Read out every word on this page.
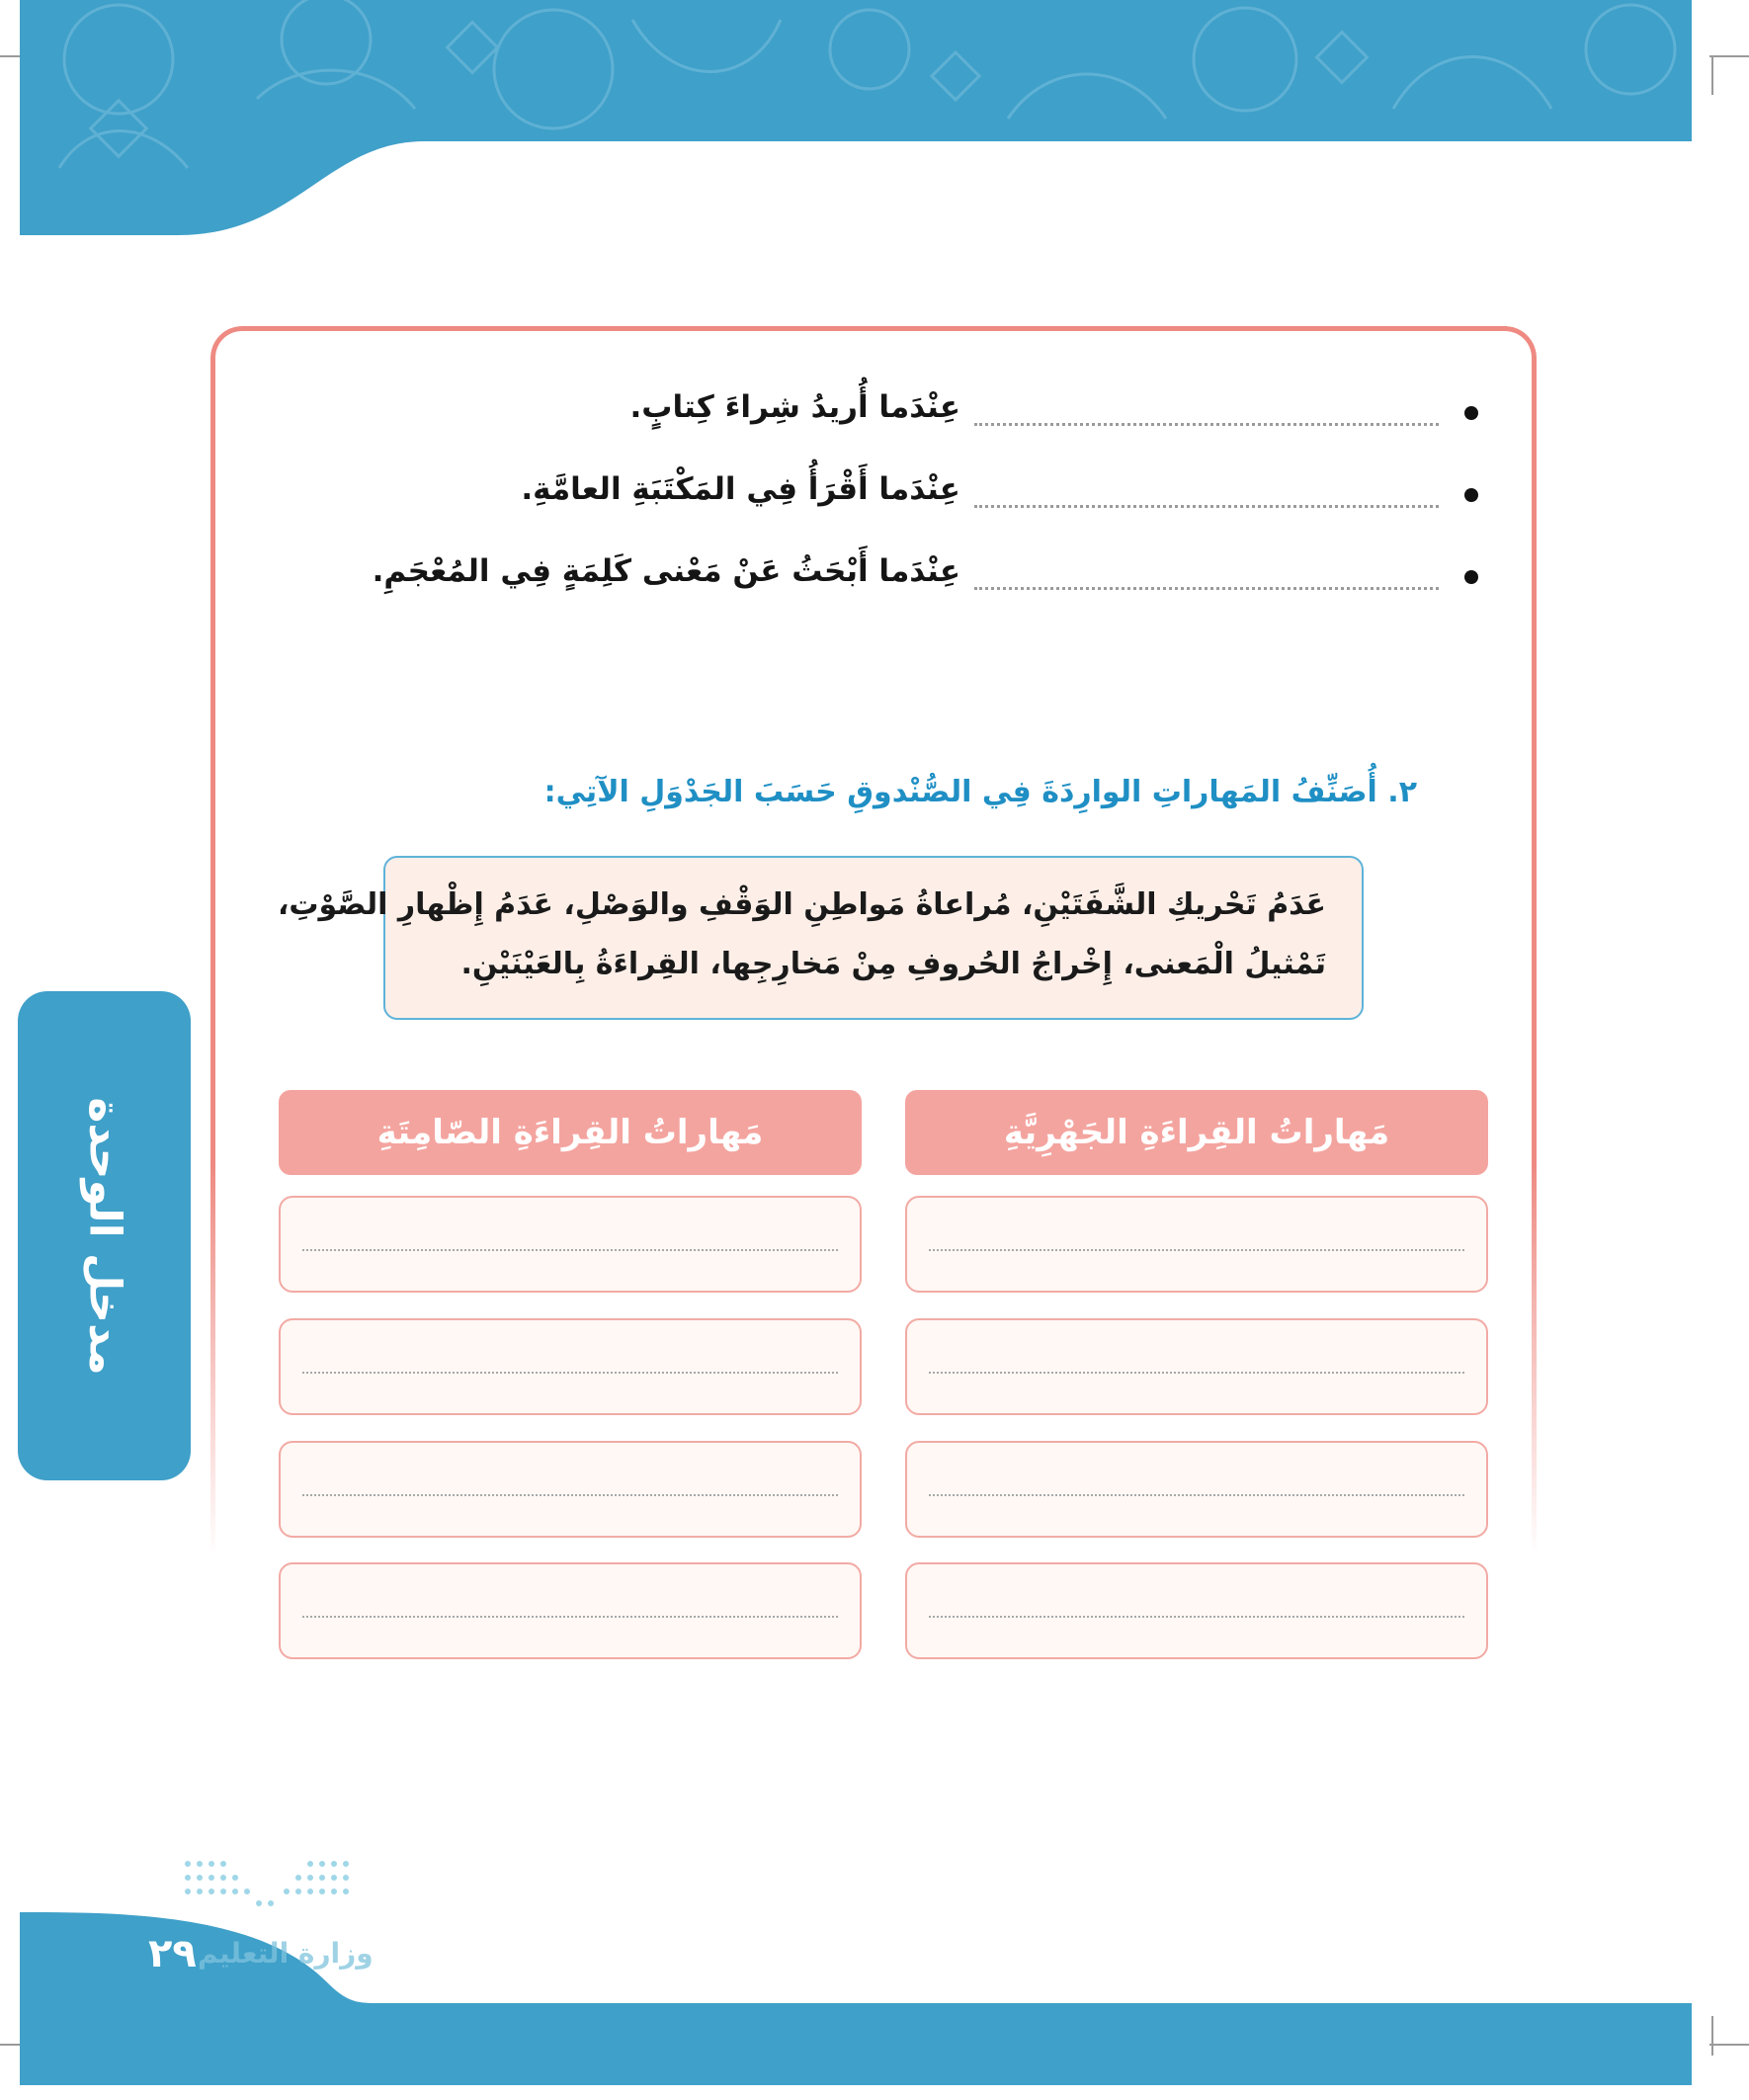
وزارة التعليم
٢٩
مدخل الوحدة
عِنْدَما أُريدُ شِراءَ كِتابٍ.
عِنْدَما أَقْرَأُ فِي المَكْتَبَةِ العامَّةِ.
عِنْدَما أَبْحَثُ عَنْ مَعْنى كَلِمَةٍ فِي المُعْجَمِ.
٢. أُصَنِّفُ المَهاراتِ الوارِدَةَ فِي الصُّنْدوقِ حَسَبَ الجَدْوَلِ الآتِي:
عَدَمُ تَحْريكِ الشَّفَتَيْنِ، مُراعاةُ مَواطِنِ الوَقْفِ والوَصْلِ، عَدَمُ إِظْهارِ الصَّوْتِ،
تَمْثيلُ الْمَعنى، إِخْراجُ الحُروفِ مِنْ مَخارِجِها، القِراءَةُ بِالعَيْنَيْنِ.
مَهاراتُ القِراءَةِ الجَهْرِيَّةِ
مَهاراتُ القِراءَةِ الصّامِتَةِ
